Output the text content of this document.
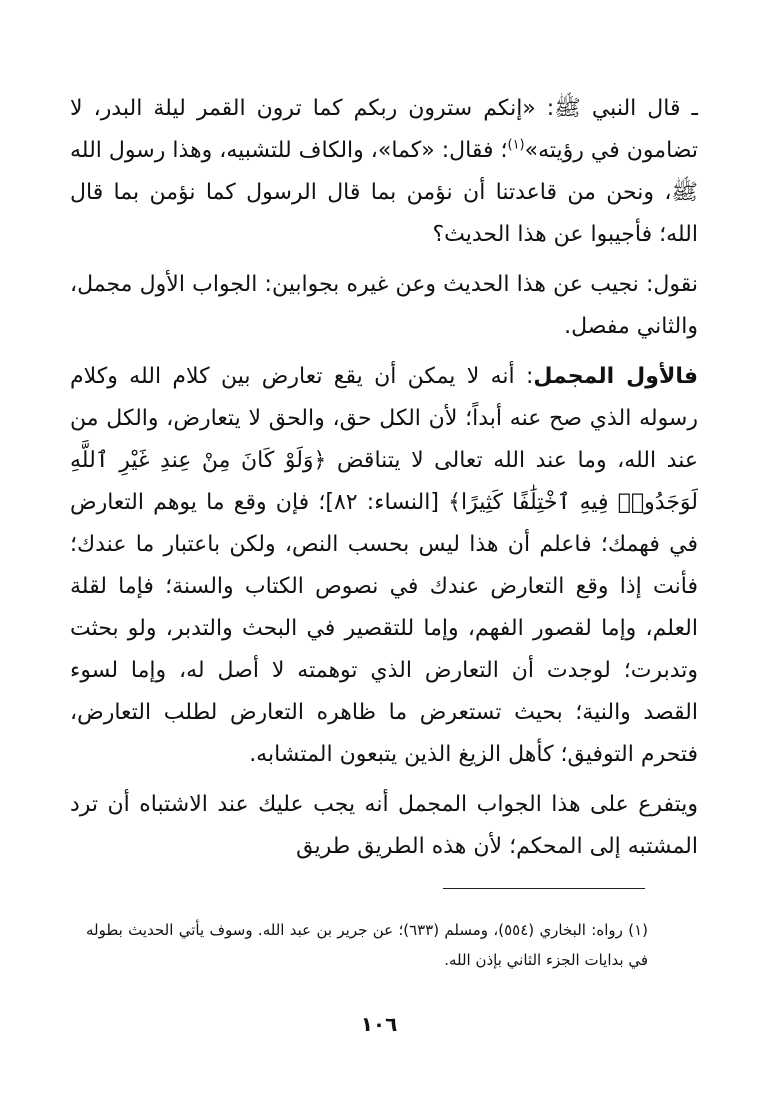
ـ قال النبي ﷺ: «إنكم سترون ربكم كما ترون القمر ليلة البدر، لا تضامون في رؤيته»$^{(١)}$؛ فقال: «كما»، والكاف للتشبيه، وهذا رسول الله ﷺ، ونحن من قاعدتنا أن نؤمن بما قال الرسول كما نؤمن بما قال الله؛ فأجيبوا عن هذا الحديث؟

نقول: نجيب عن هذا الحديث وعن غيره بجوابين: الجواب الأول مجمل، والثاني مفصل.

فالأول المجمل: أنه لا يمكن أن يقع تعارض بين كلام الله وكلام رسوله الذي صح عنه أبداً؛ لأن الكل حق، والحق لا يتعارض، والكل من عند الله، وما عند الله تعالى لا يتناقض ﴿وَلَوْ كَانَ مِنْ عِندِ غَيْرِ ٱللَّهِ لَوَجَدُوا۟ فِيهِ ٱخْتِلَٰفًا كَثِيرًا﴾ [النساء: ٨٢]؛ فإن وقع ما يوهم التعارض في فهمك؛ فاعلم أن هذا ليس بحسب النص، ولكن باعتبار ما عندك؛ فأنت إذا وقع التعارض عندك في نصوص الكتاب والسنة؛ فإما لقلة العلم، وإما لقصور الفهم، وإما للتقصير في البحث والتدبر، ولو بحثت وتدبرت؛ لوجدت أن التعارض الذي توهمته لا أصل له، وإما لسوء القصد والنية؛ بحيث تستعرض ما ظاهره التعارض لطلب التعارض، فتحرم التوفيق؛ كأهل الزيغ الذين يتبعون المتشابه.

ويتفرع على هذا الجواب المجمل أنه يجب عليك عند الاشتباه أن ترد المشتبه إلى المحكم؛ لأن هذه الطريق طريق

(١) رواه: البخاري (٥٥٤)، ومسلم (٦٣٣)؛ عن جرير بن عبد الله. وسوف يأتي الحديث بطوله في بدايات الجزء الثاني بإذن الله.

١٠٦
